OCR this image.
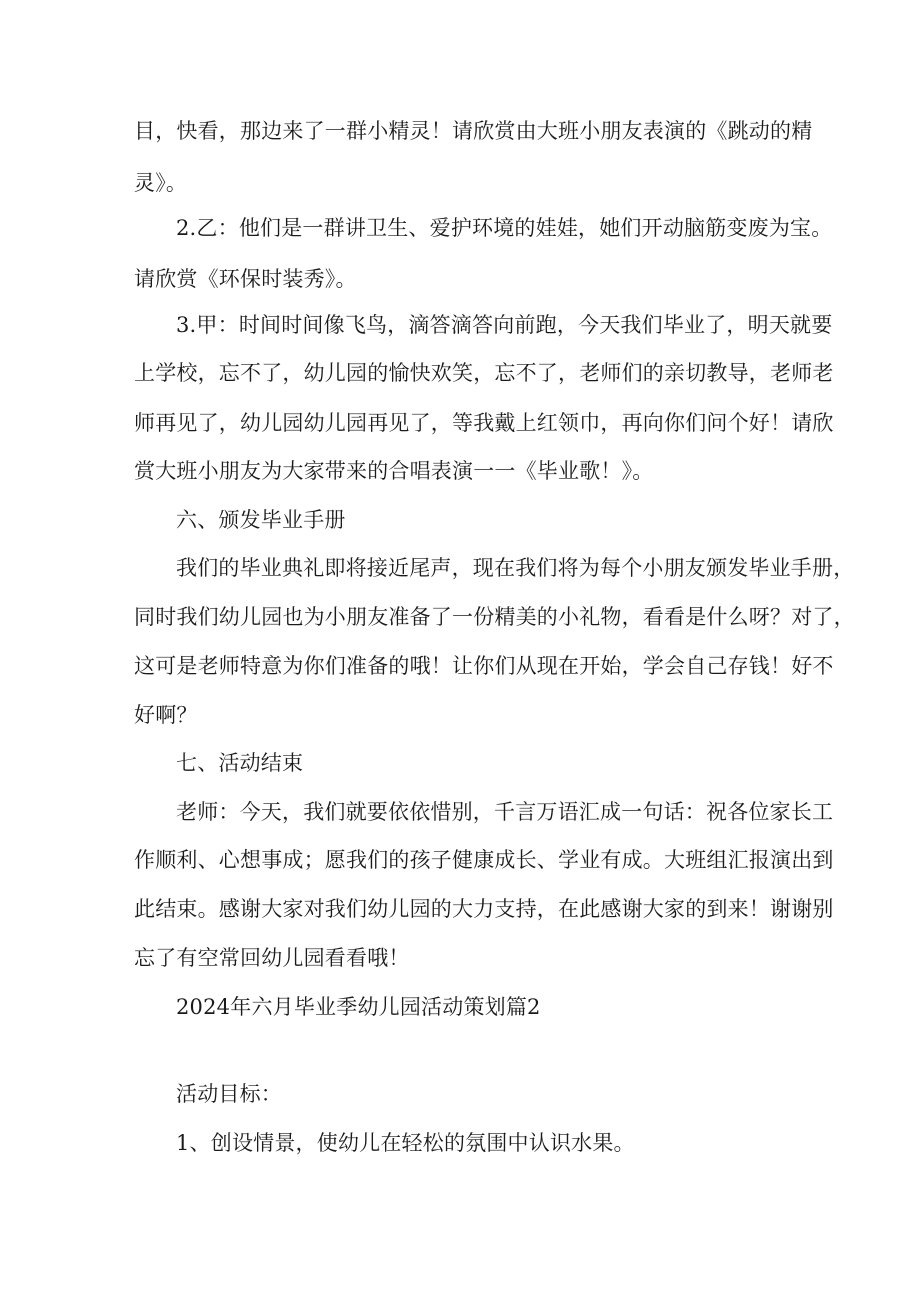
目，快看，那边来了一群小精灵！请欣赏由大班小朋友表演的《跳动的精

灵》。

2.乙：他们是一群讲卫生、爱护环境的娃娃，她们开动脑筋变废为宝。

请欣赏《环保时装秀》。

3.甲：时间时间像飞鸟，滴答滴答向前跑，今天我们毕业了，明天就要

上学校，忘不了，幼儿园的愉快欢笑，忘不了，老师们的亲切教导，老师老

师再见了，幼儿园幼儿园再见了，等我戴上红领巾，再向你们问个好！请欣

赏大班小朋友为大家带来的合唱表演一一《毕业歌！》。

六、颁发毕业手册

我们的毕业典礼即将接近尾声，现在我们将为每个小朋友颁发毕业手册，

同时我们幼儿园也为小朋友准备了一份精美的小礼物，看看是什么呀？对了，

这可是老师特意为你们准备的哦！让你们从现在开始，学会自己存钱！好不

好啊？

七、活动结束

老师：今天，我们就要依依惜别，千言万语汇成一句话：祝各位家长工

作顺利、心想事成；愿我们的孩子健康成长、学业有成。大班组汇报演出到

此结束。感谢大家对我们幼儿园的大力支持，在此感谢大家的到来！谢谢别

忘了有空常回幼儿园看看哦！

2024年六月毕业季幼儿园活动策划篇2

活动目标：

1、创设情景，使幼儿在轻松的氛围中认识水果。
